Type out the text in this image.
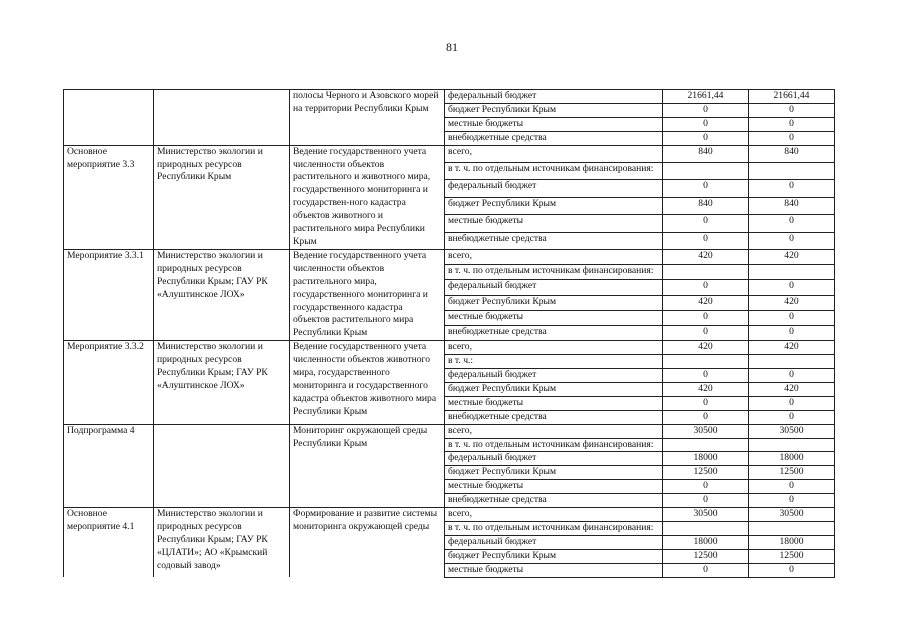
81
		полосы Черного и Азовского морей на территории Республики Крым	федеральный бюджет	21661,44	21661,44
			бюджет Республики Крым	0	0
			местные бюджеты	0	0
			внебюджетные средства	0	0
Основное мероприятие 3.3	Министерство экологии и природных ресурсов Республики Крым	Ведение государственного учета численности объектов растительного и животного мира, государственного мониторинга и государствен-ного кадастра объектов животного и растительного мира Республики Крым	всего,	840	840
			в т. ч. по отдельным источникам финансирования:		
			федеральный бюджет	0	0
			бюджет Республики Крым	840	840
			местные бюджеты	0	0
			внебюджетные средства	0	0
Мероприятие 3.3.1	Министерство экологии и природных ресурсов Республики Крым; ГАУ РК «Алуштинское ЛОХ»	Ведение государственного учета численности объектов растительного мира, государственного мониторинга и государственного кадастра объектов растительного мира Республики Крым	всего,	420	420
			в т. ч. по отдельным источникам финансирования:		
			федеральный бюджет	0	0
			бюджет Республики Крым	420	420
			местные бюджеты	0	0
			внебюджетные средства	0	0
Мероприятие 3.3.2	Министерство экологии и природных ресурсов Республики Крым; ГАУ РК «Алуштинское ЛОХ»	Ведение государственного учета численности объектов животного мира, государственного мониторинга и государственного кадастра объектов животного мира Республики Крым	всего,	420	420
			в т. ч.:		
			федеральный бюджет	0	0
			бюджет Республики Крым	420	420
			местные бюджеты	0	0
			внебюджетные средства	0	0
Подпрограмма 4		Мониторинг окружающей среды Республики Крым	всего,	30500	30500
			в т. ч. по отдельным источникам финансирования:		
			федеральный бюджет	18000	18000
			бюджет Республики Крым	12500	12500
			местные бюджеты	0	0
			внебюджетные средства	0	0
Основное мероприятие 4.1	Министерство экологии и природных ресурсов Республики Крым; ГАУ РК «ЦЛАТИ»; АО «Крымский содовый завод»	Формирование и развитие системы мониторинга окружающей среды	всего,	30500	30500
			в т. ч. по отдельным источникам финансирования:		
			федеральный бюджет	18000	18000
			бюджет Республики Крым	12500	12500
			местные бюджеты	0	0
